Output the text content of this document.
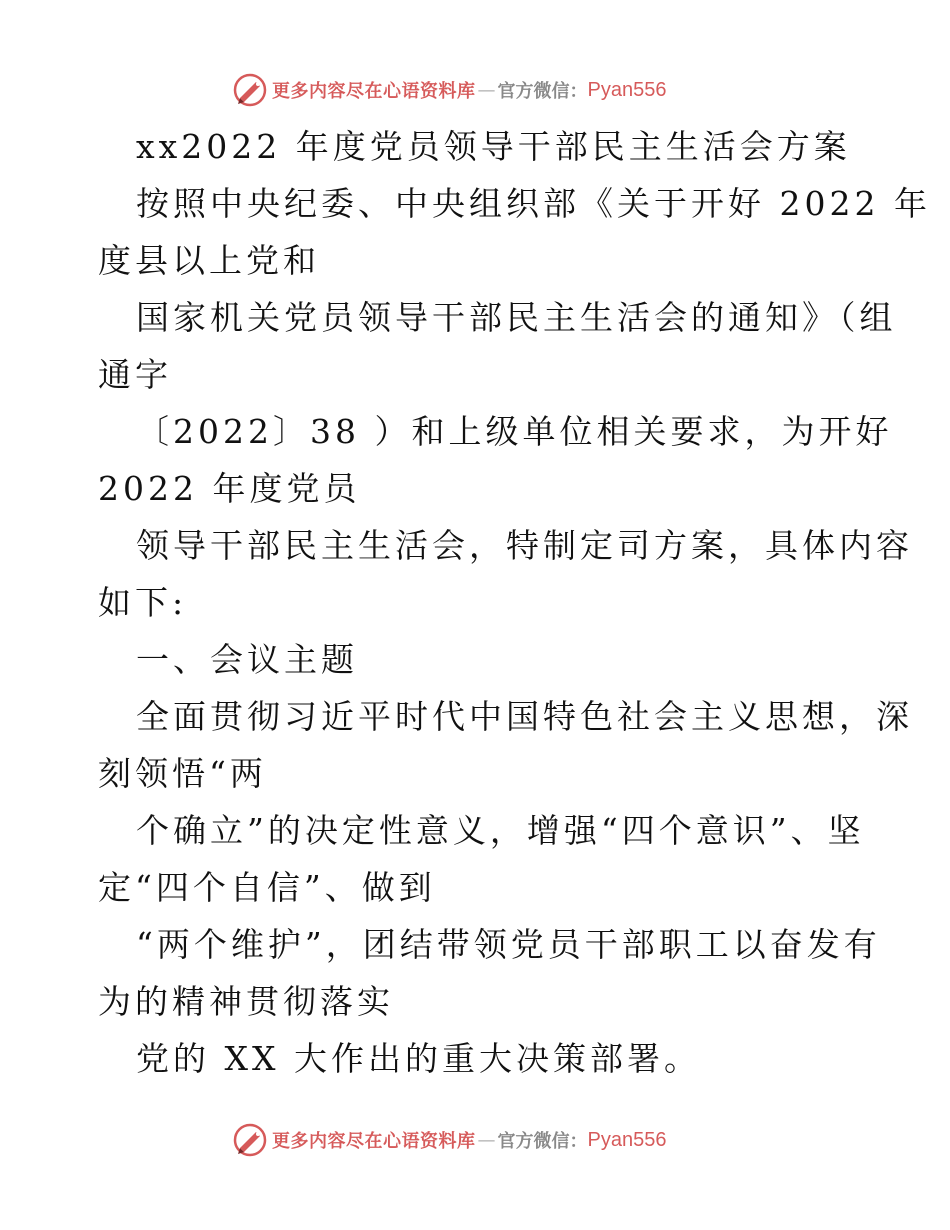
更多内容尽在心语资料库 — 官方微信： Pyan556
xx2022 年度党员领导干部民主生活会方案
按照中央纪委、中央组织部《关于开好 2022 年
度县以上党和
国家机关党员领导干部民主生活会的通知》（组
通字
〔2022〕38 ）和上级单位相关要求，为开好
2022 年度党员
领导干部民主生活会，特制定司方案，具体内容
如下:
一、会议主题
全面贯彻习近平时代中国特色社会主义思想，深
刻领悟“两
个确立”的决定性意义，增强“四个意识”、坚
定“四个自信”、做到
“两个维护”，团结带领党员干部职工以奋发有
为的精神贯彻落实
党的 XX 大作出的重大决策部署。
更多内容尽在心语资料库 — 官方微信： Pyan556
